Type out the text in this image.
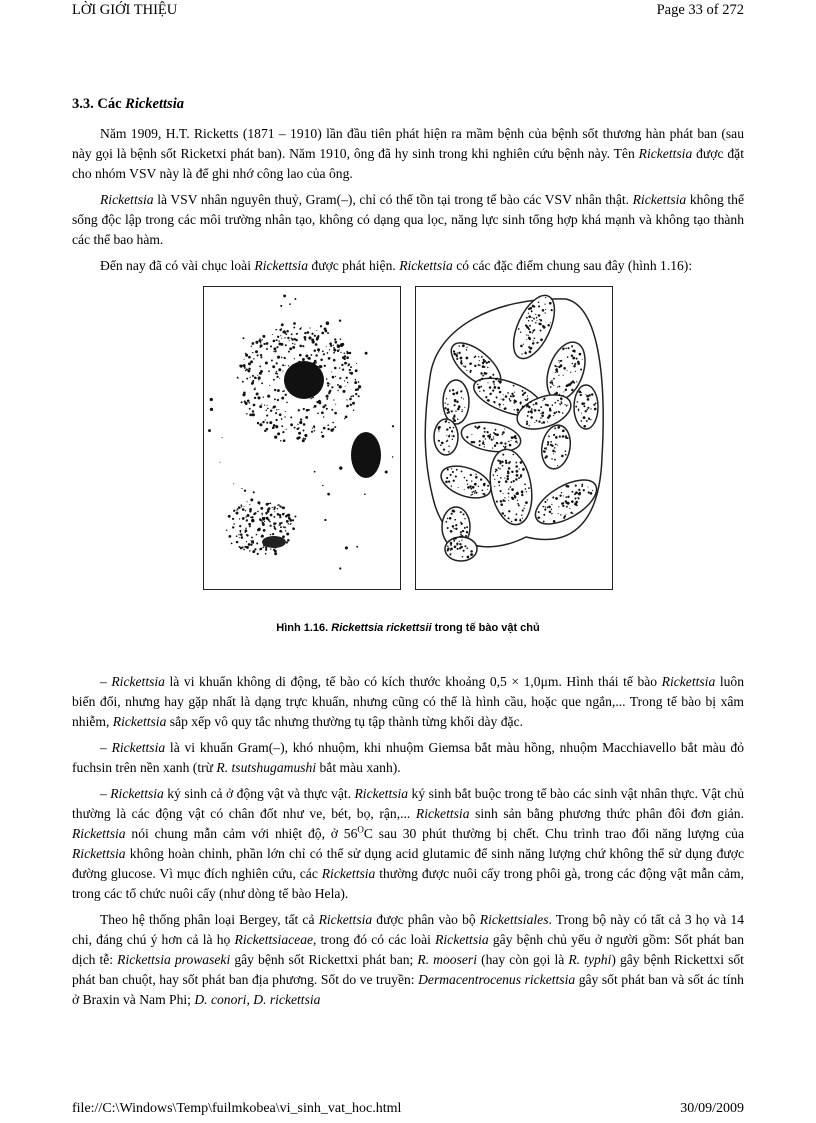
LỜI GIỚI THIỆU	Page 33 of 272
3.3. Các Rickettsia

Năm 1909, H.T. Ricketts (1871 – 1910) lần đầu tiên phát hiện ra mầm bệnh của bệnh sốt thương hàn phát ban (sau này gọi là bệnh sốt Ricketxi phát ban). Năm 1910, ông đã hy sinh trong khi nghiên cứu bệnh này. Tên Rickettsia được đặt cho nhóm VSV này là để ghi nhớ công lao của ông.

Rickettsia là VSV nhân nguyên thuỷ, Gram(–), chỉ có thể tồn tại trong tế bào các VSV nhân thật. Rickettsia không thể sống độc lập trong các môi trường nhân tạo, không có dạng qua lọc, năng lực sinh tổng hợp khá mạnh và không tạo thành các thể bao hàm.

Đến nay đã có vài chục loài Rickettsia được phát hiện. Rickettsia có các đặc điểm chung sau đây (hình 1.16):

Hình 1.16. Rickettsia rickettsii trong tế bào vật chủ

– Rickettsia là vi khuẩn không di động, tế bào có kích thước khoảng 0,5 × 1,0μm. Hình thái tế bào Rickettsia luôn biến đổi, nhưng hay gặp nhất là dạng trực khuẩn, nhưng cũng có thể là hình cầu, hoặc que ngắn,... Trong tế bào bị xâm nhiễm, Rickettsia sắp xếp vô quy tắc nhưng thường tụ tập thành từng khối dày đặc.

– Rickettsia là vi khuẩn Gram(–), khó nhuộm, khi nhuộm Giemsa bắt màu hồng, nhuộm Macchiavello bắt màu đỏ fuchsin trên nền xanh (trừ R. tsutshugamushi bắt màu xanh).

– Rickettsia ký sinh cả ở động vật và thực vật. Rickettsia ký sinh bắt buộc trong tế bào các sinh vật nhân thực. Vật chủ thường là các động vật có chân đốt như ve, bét, bọ, rận,... Rickettsia sinh sản bằng phương thức phân đôi đơn giản. Rickettsia nói chung mẫn cảm với nhiệt độ, ở $56^OC$ sau 30 phút thường bị chết. Chu trình trao đổi năng lượng của Rickettsia không hoàn chỉnh, phần lớn chỉ có thể sử dụng acid glutamic để sinh năng lượng chứ không thể sử dụng được đường glucose. Vì mục đích nghiên cứu, các Rickettsia thường được nuôi cấy trong phôi gà, trong các động vật mẫn cảm, trong các tổ chức nuôi cấy (như dòng tế bào Hela).

Theo hệ thống phân loại Bergey, tất cả Rickettsia được phân vào bộ Rickettsiales. Trong bộ này có tất cả 3 họ và 14 chi, đáng chú ý hơn cả là họ Rickettsiaceae, trong đó có các loài Rickettsia gây bệnh chủ yếu ở người gồm: Sốt phát ban dịch tễ: Rickettsia prowaseki gây bệnh sốt Rickettxi phát ban; R. mooseri (hay còn gọi là R. typhi) gây bệnh Rickettxi sốt phát ban chuột, hay sốt phát ban địa phương. Sốt do ve truyền: Dermacentrocenus rickettsia gây sốt phát ban và sốt ác tính ở Braxin và Nam Phi; D. conori, D. rickettsia

file://C:\Windows\Temp\fuilmkobea\vi_sinh_vat_hoc.html	30/09/2009
